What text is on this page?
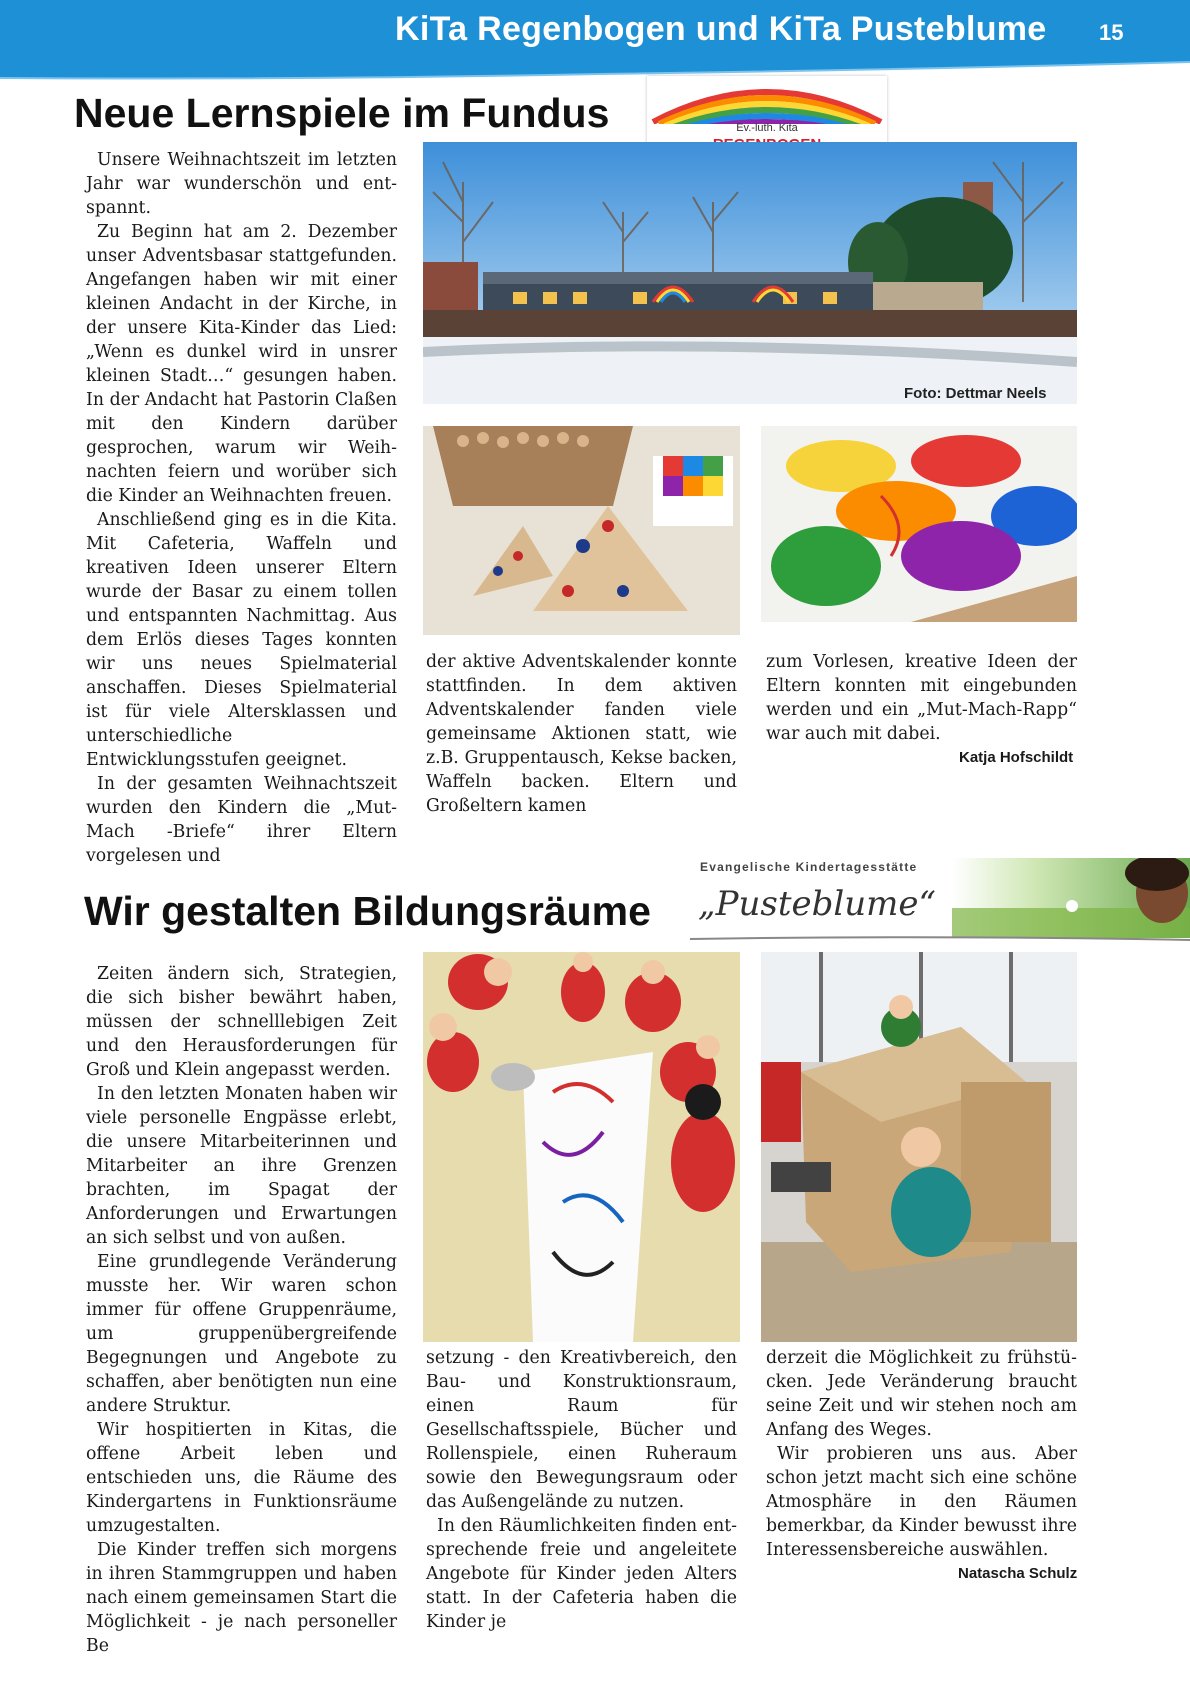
KiTa Regenbogen und KiTa Pusteblume 15
Neue Lernspiele im Fundus	Ev.-luth. Kita

Unsere Weihnachtszeit im letzten Jahr war wunderschön und entspannt.

Zu Beginn hat am 2. Dezember unser Adventsbasar stattgefunden. Angefangen haben wir mit einer kleinen Andacht in der Kirche, in der unsere Kita-Kinder das Lied: „Wenn es dunkel wird in unsrer kleinen Stadt…“ gesungen haben. In der Andacht hat Pastorin Claßen mit den Kindern darüber gesprochen, warum wir Weihnachten feiern und worüber sich die Kinder an Weihnachten freuen.

Anschließend ging es in die Kita. Mit Cafeteria, Waffeln und kreativen Ideen unserer Eltern wurde der Basar zu einem tollen und entspannten Nachmittag. Aus dem Erlös dieses Tages konnten wir uns neues Spielmaterial anschaffen. Dieses Spielmaterial ist für viele Altersklassen und unterschiedliche Entwicklungsstufen geeignet.

In der gesamten Weihnachtszeit wurden den Kindern die „Mut-Mach -Briefe“ ihrer Eltern vorgelesen und

Foto: Dettmar Neels

der aktive Adventskalender konnte stattfinden. In dem aktiven Adventskalender fanden viele gemeinsame Aktionen statt, wie z.B. Gruppentausch, Kekse backen, Waffeln backen. Eltern und Großeltern kamen

zum Vorlesen, kreative Ideen der Eltern konnten mit eingebunden werden und ein „Mut-Mach-Rapp“ war auch mit dabei.

Katja Hofschildt
Evangelische Kindertagesstätte
„Pusteblume“
Wir gestalten Bildungsräume

Zeiten ändern sich, Strategien, die sich bisher bewährt haben, müssen der schnelllebigen Zeit und den Herausforderungen für Groß und Klein angepasst werden.

In den letzten Monaten haben wir viele personelle Engpässe erlebt, die unsere Mitarbeiterinnen und Mitarbeiter an ihre Grenzen brachten, im Spagat der Anforderungen und Erwartungen an sich selbst und von außen.

Eine grundlegende Veränderung musste her. Wir waren schon immer für offene Gruppenräume, um gruppenübergreifende Begegnungen und Angebote zu schaffen, aber benötigten nun eine andere Struktur.

Wir hospitierten in Kitas, die offene Arbeit leben und entschieden uns, die Räume des Kindergartens in Funktionsräume umzugestalten.

Die Kinder treffen sich morgens in ihren Stammgruppen und haben nach einem gemeinsamen Start die Möglichkeit - je nach personeller Be

setzung - den Kreativbereich, den Bau- und Konstruktionsraum, einen Raum für Gesellschaftsspiele, Bücher und Rollenspiele, einen Ruheraum sowie den Bewegungsraum oder das Außengelände zu nutzen.

In den Räumlichkeiten finden entsprechende freie und angeleitete Angebote für Kinder jeden Alters statt. In der Cafeteria haben die Kinder je

derzeit die Möglichkeit zu frühstücken. Jede Veränderung braucht seine Zeit und wir stehen noch am Anfang des Weges.

Wir probieren uns aus. Aber schon jetzt macht sich eine schöne Atmosphäre in den Räumen bemerkbar, da Kinder bewusst ihre Interessensbereiche auswählen.

Natascha Schulz
